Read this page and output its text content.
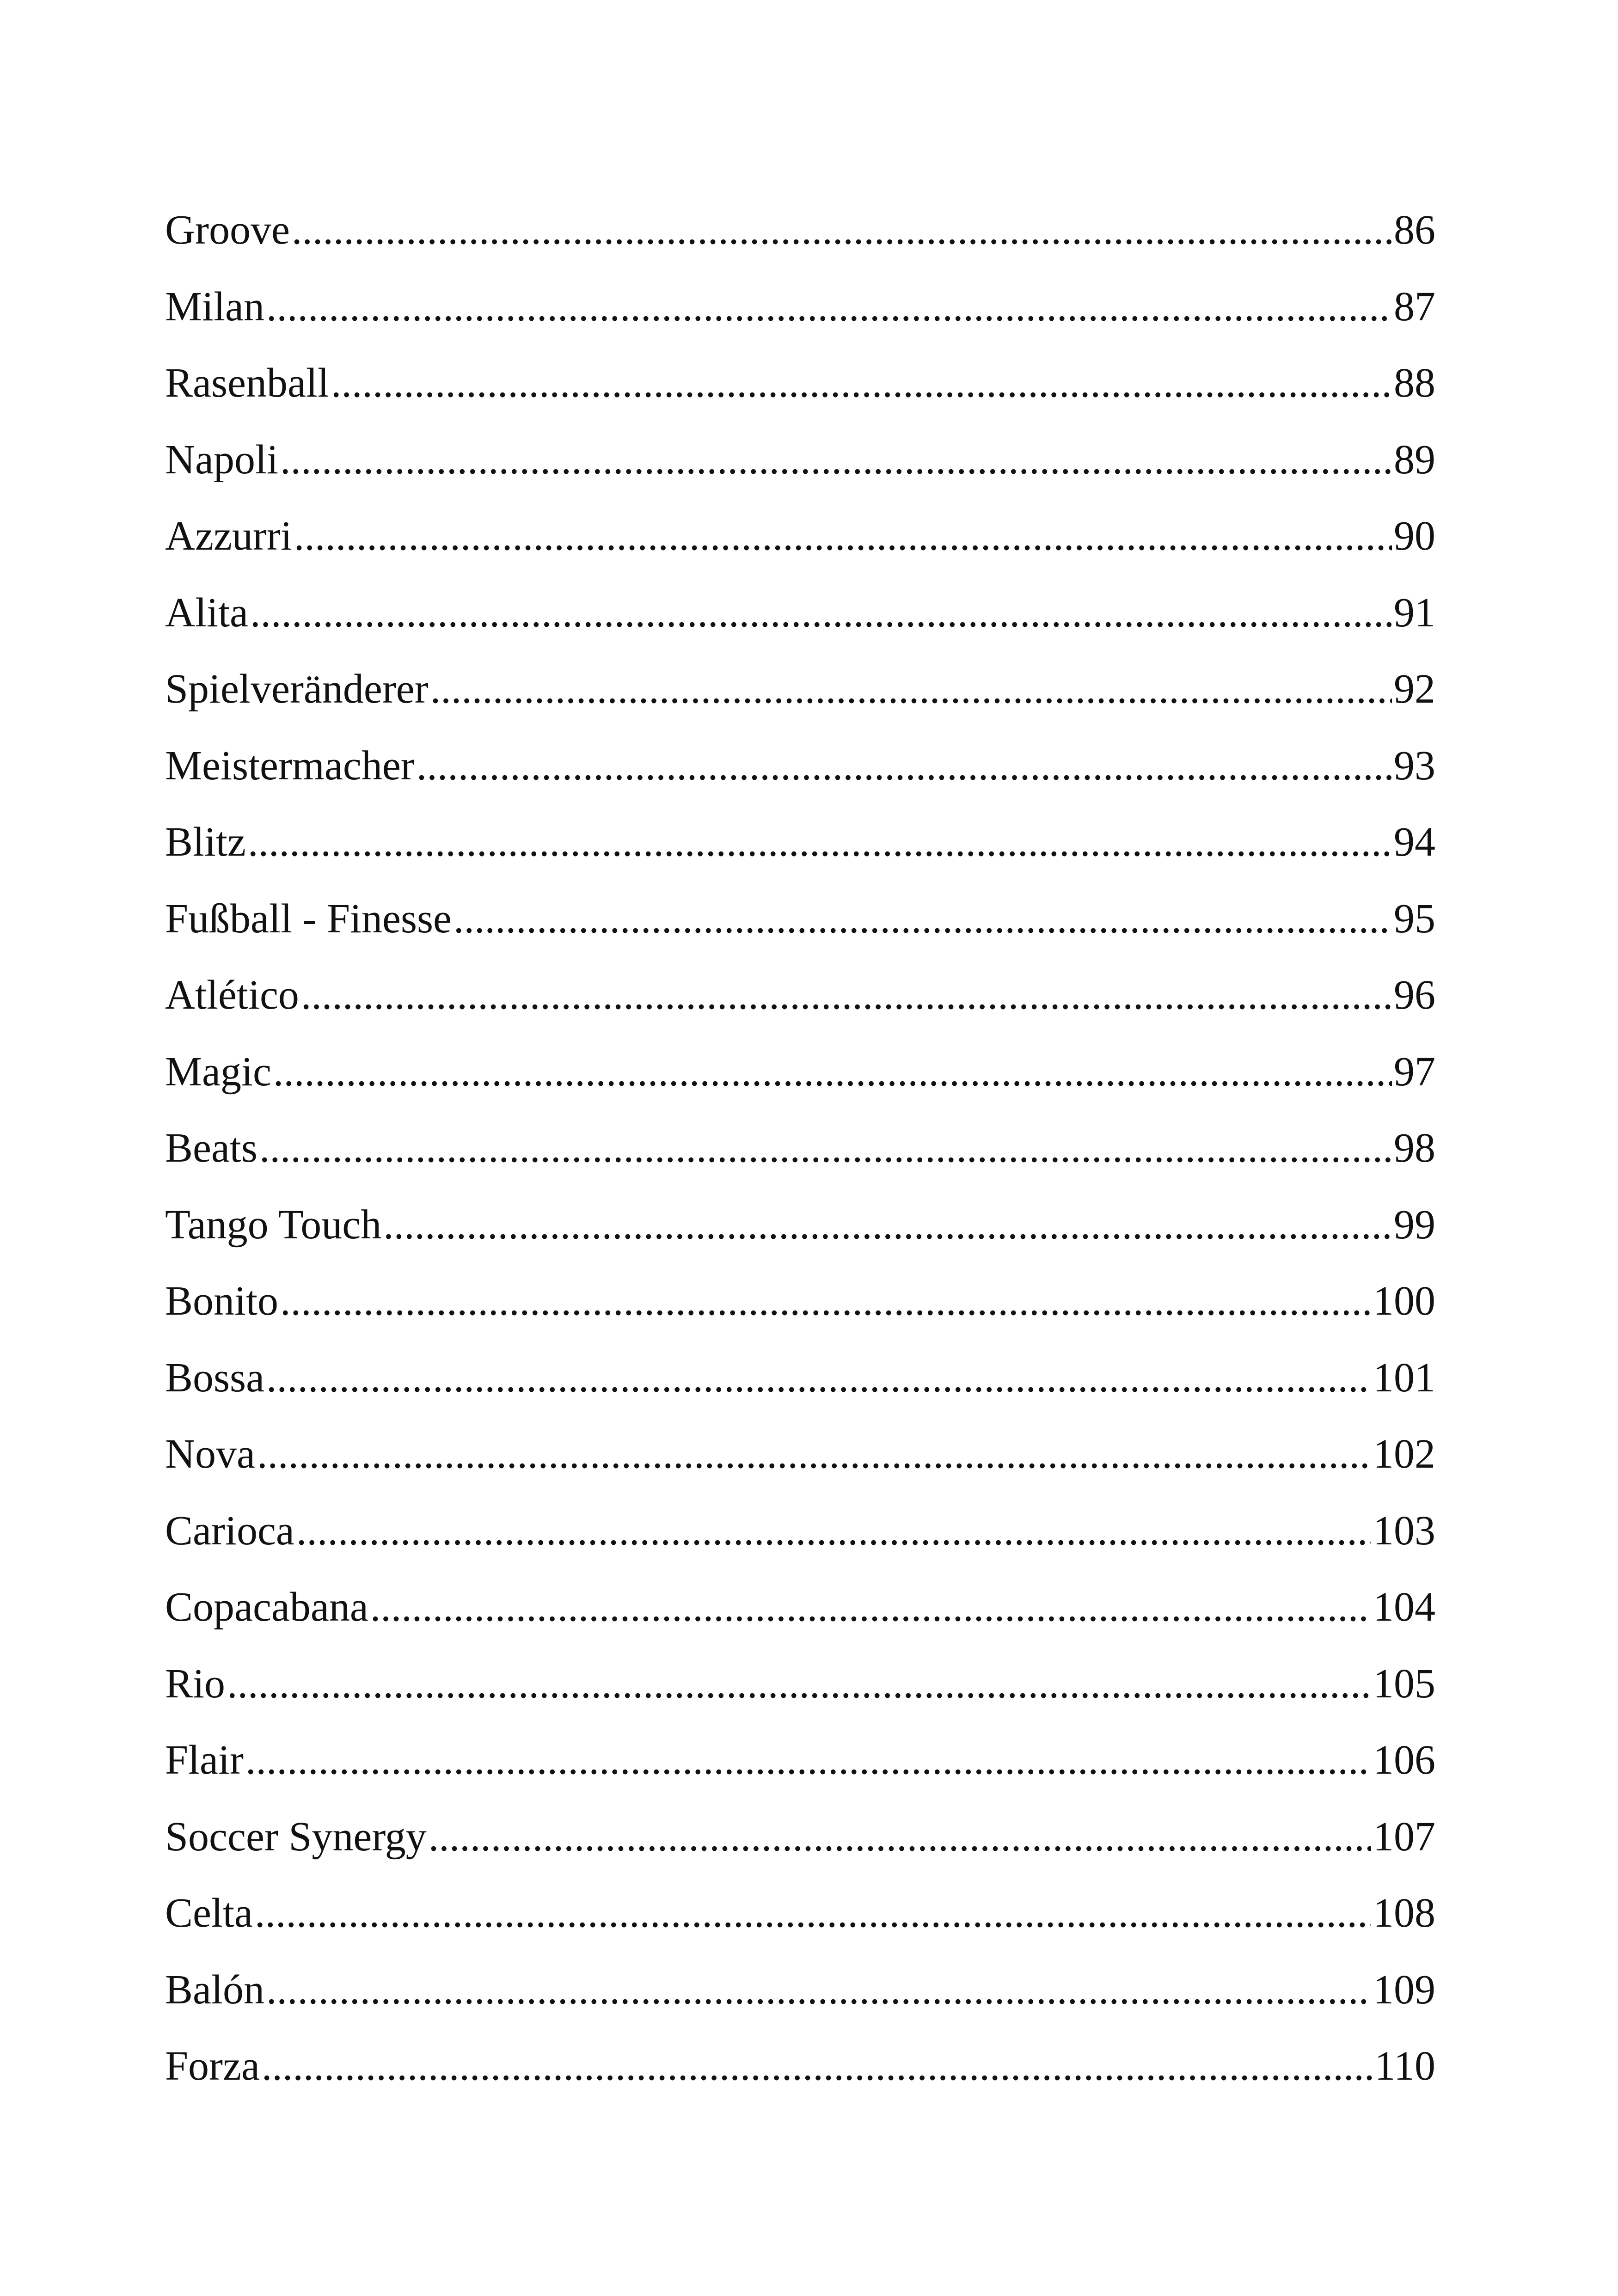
Groove .....	86
Milan .....	87
Rasenball .....	88
Napoli .....	89
Azzurri .....	90
Alita .....	91
Spielveränderer .....	92
Meistermacher .....	93
Blitz .....	94
Fußball - Finesse .....	95
Atlético .....	96
Magic .....	97
Beats .....	98
Tango Touch .....	99
Bonito .....	100
Bossa .....	101
Nova .....	102
Carioca .....	103
Copacabana .....	104
Rio .....	105
Flair .....	106
Soccer Synergy .....	107
Celta .....	108
Balón .....	109
Forza .....	110
